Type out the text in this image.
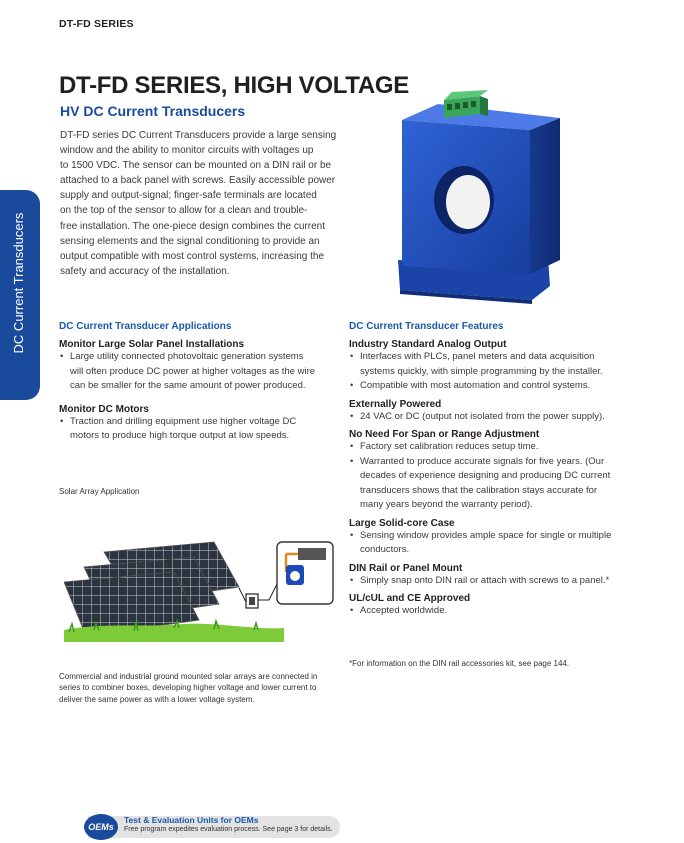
DT-FD SERIES
DC Current Transducers
DT-FD SERIES, HIGH VOLTAGE
HV DC Current Transducers
DT-FD series DC Current Transducers provide a large sensing
window and the ability to monitor circuits with voltages up
to 1500 VDC. The sensor can be mounted on a DIN rail or be
attached to a back panel with screws. Easily accessible power
supply and output-signal; finger-safe terminals are located
on the top of the sensor to allow for a clean and trouble-
free installation. The one-piece design combines the current
sensing elements and the signal conditioning to provide an
output compatible with most control systems, increasing the
safety and accuracy of the installation.
DC Current Transducer Applications
Monitor Large Solar Panel Installations
• Large utility connected photovoltaic generation systems
will often produce DC power at higher voltages as the wire
can be smaller for the same amount of power produced.
Monitor DC Motors
• Traction and drilling equipment use higher voltage DC
motors to produce high torque output at low speeds.
Solar Array Application
Commercial and industrial ground mounted solar arrays are connected in
series to combiner boxes, developing higher voltage and lower current to
deliver the same power as with a lower voltage system.
DC Current Transducer Features
Industry Standard Analog Output
• Interfaces with PLCs, panel meters and data acquisition
systems quickly, with simple programming by the installer.
• Compatible with most automation and control systems.
Externally Powered
• 24 VAC or DC (output not isolated from the power supply).
No Need For Span or Range Adjustment
• Factory set calibration reduces setup time.
• Warranted to produce accurate signals for five years. (Our
decades of experience designing and producing DC current
transducers shows that the calibration stays accurate for
many years beyond the warranty period).
Large Solid-core Case
• Sensing window provides ample space for single or multiple
conductors.
DIN Rail or Panel Mount
• Simply snap onto DIN rail or attach with screws to a panel.*
UL/cUL and CE Approved
• Accepted worldwide.
*For information on the DIN rail accessories kit, see page 144.
OEMs
Test & Evaluation Units for OEMs
Free program expedites evaluation process. See page 3 for details.
